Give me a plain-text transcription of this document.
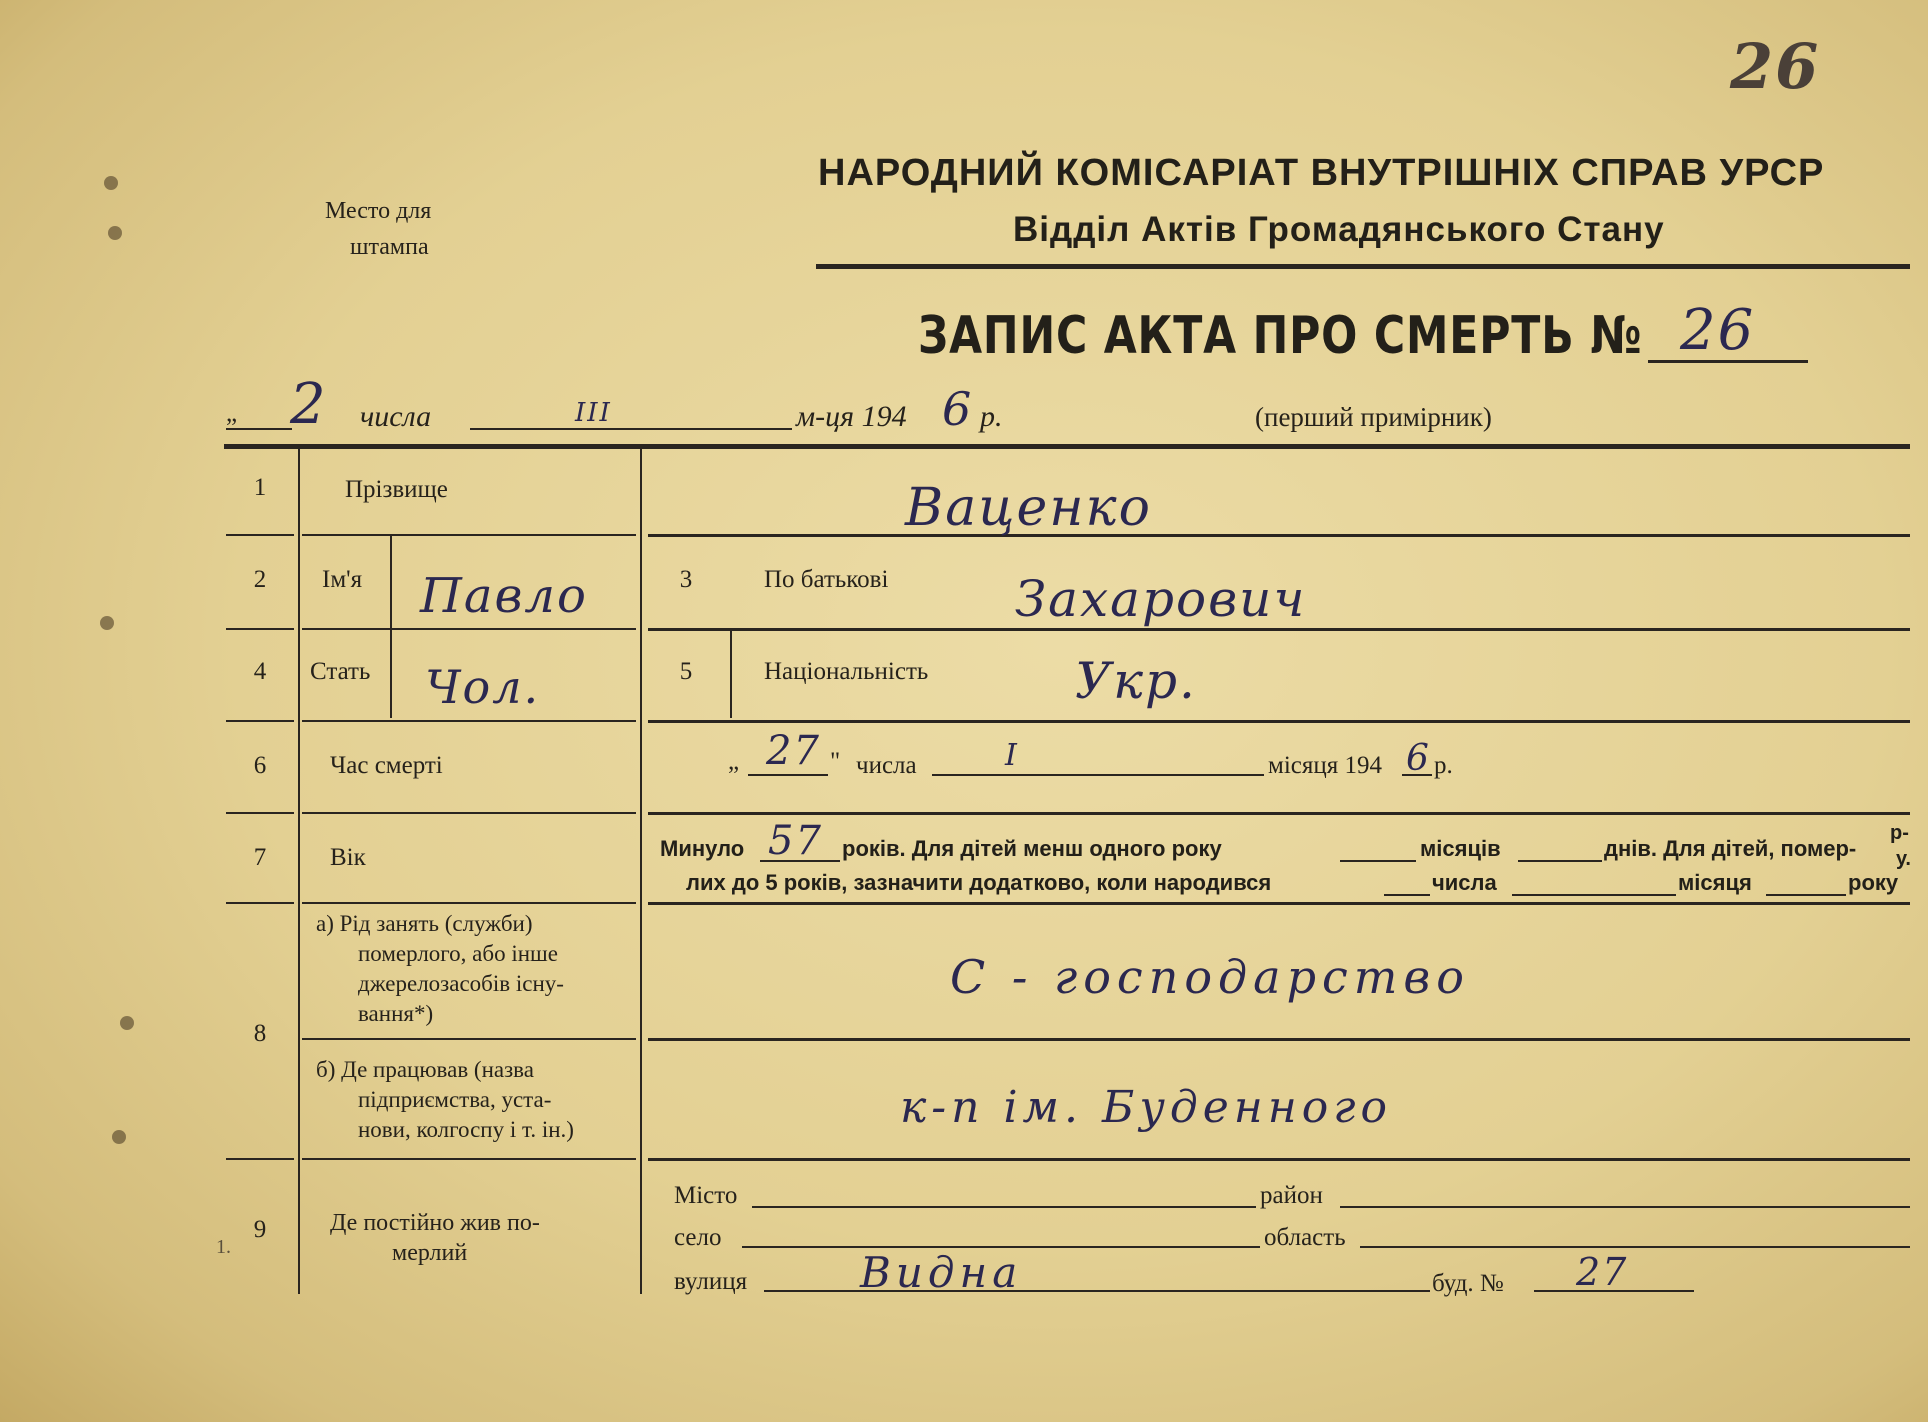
26
Место для
штампа
НАРОДНИЙ КОМІСАРІАТ ВНУТРІШНІХ СПРАВ УРСР
Відділ Актів Громадянського Стану
ЗАПИС АКТА ПРО СМЕРТЬ № 26
„ 2 числа	ІІІ	м-ця 194 6 р.	(перший примірник)
1	Прізвище	Ваценко
2	Ім'я Павло	3	По батькові	Захарович
4	Стать Чол.	5	Національність	Укр.
6	Час смерті	„ 27 " числа	І	місяця 194 6 р.
7	Вік	Минуло 57 років. Для дітей менш одного року	місяців	днів. Для дітей, помер-
р-
у.
лих до 5 років, зазначити додатково, коли народився	числа	місяця	року
8
а) Рід занять (служби)
померлого, або інше
джерелозасобів існу-
вання*)
С - господарство
б) Де працював (назва
підприємства, уста-
нови, колгоспу і т. ін.)	к-п ім. Буденного
9
1.
Де постійно жив по-
мерлий
Місто	район
село	область
вулиця	Видна	буд. № 27
